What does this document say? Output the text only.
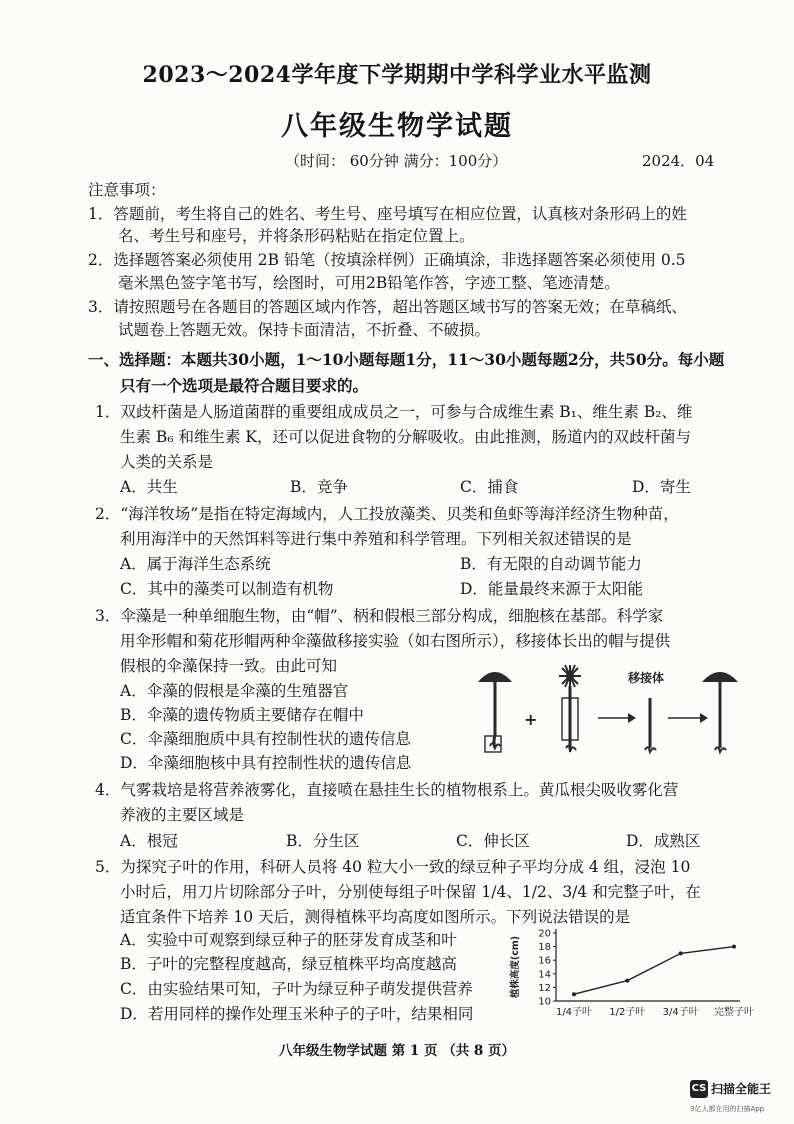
2023～2024学年度下学期期中学科学业水平监测
八年级生物学试题
（时间： 60分钟 满分：100分）	2024．04
注意事项：
1．答题前，考生将自己的姓名、考生号、座号填写在相应位置，认真核对条形码上的姓
名、考生号和座号，并将条形码粘贴在指定位置上。
2．选择题答案必须使用 2B 铅笔（按填涂样例）正确填涂，非选择题答案必须使用 0.5
毫米黑色签字笔书写，绘图时，可用2B铅笔作答，字迹工整、笔迹清楚。
3．请按照题号在各题目的答题区域内作答，超出答题区域书写的答案无效；在草稿纸、
试题卷上答题无效。保持卡面清洁，不折叠、不破损。
一、选择题：本题共30小题，1～10小题每题1分，11～30小题每题2分，共50分。每小题
只有一个选项是最符合题目要求的。
1．双歧杆菌是人肠道菌群的重要组成成员之一，可参与合成维生素 B₁、维生素 B₂、维
生素 B₆ 和维生素 K，还可以促进食物的分解吸收。由此推测，肠道内的双歧杆菌与
人类的关系是
A．共生	B．竞争	C．捕食	D．寄生
2．“海洋牧场”是指在特定海域内，人工投放藻类、贝类和鱼虾等海洋经济生物种苗，
利用海洋中的天然饵料等进行集中养殖和科学管理。下列相关叙述错误的是
A．属于海洋生态系统	B．有无限的自动调节能力
C．其中的藻类可以制造有机物	D．能量最终来源于太阳能
3．伞藻是一种单细胞生物，由“帽”、柄和假根三部分构成，细胞核在基部。科学家
用伞形帽和菊花形帽两种伞藻做移接实验（如右图所示），移接体长出的帽与提供
假根的伞藻保持一致。由此可知
A．伞藻的假根是伞藻的生殖器官
B．伞藻的遗传物质主要储存在帽中
C．伞藻细胞质中具有控制性状的遗传信息
D．伞藻细胞核中具有控制性状的遗传信息
+
移接体
4．气雾栽培是将营养液雾化，直接喷在悬挂生长的植物根系上。黄瓜根尖吸收雾化营
养液的主要区域是
A．根冠	B．分生区	C．伸长区	D．成熟区
5．为探究子叶的作用，科研人员将 40 粒大小一致的绿豆种子平均分成 4 组，浸泡 10
小时后，用刀片切除部分子叶，分别使每组子叶保留 1/4、1/2、3/4 和完整子叶，在
适宜条件下培养 10 天后，测得植株平均高度如图所示。下列说法错误的是
A．实验中可观察到绿豆种子的胚芽发育成茎和叶
B．子叶的完整程度越高，绿豆植株平均高度越高
C．由实验结果可知，子叶为绿豆种子萌发提供营养
D．若用同样的操作处理玉米种子的子叶，结果相同
10
12
14
16
18
20
植株高度(cm)
1/4子叶 1/2子叶 3/4子叶 完整子叶
八年级生物学试题 第 1 页 （共 8 页）
CS 扫描全能王
3亿人都在用的扫描App
